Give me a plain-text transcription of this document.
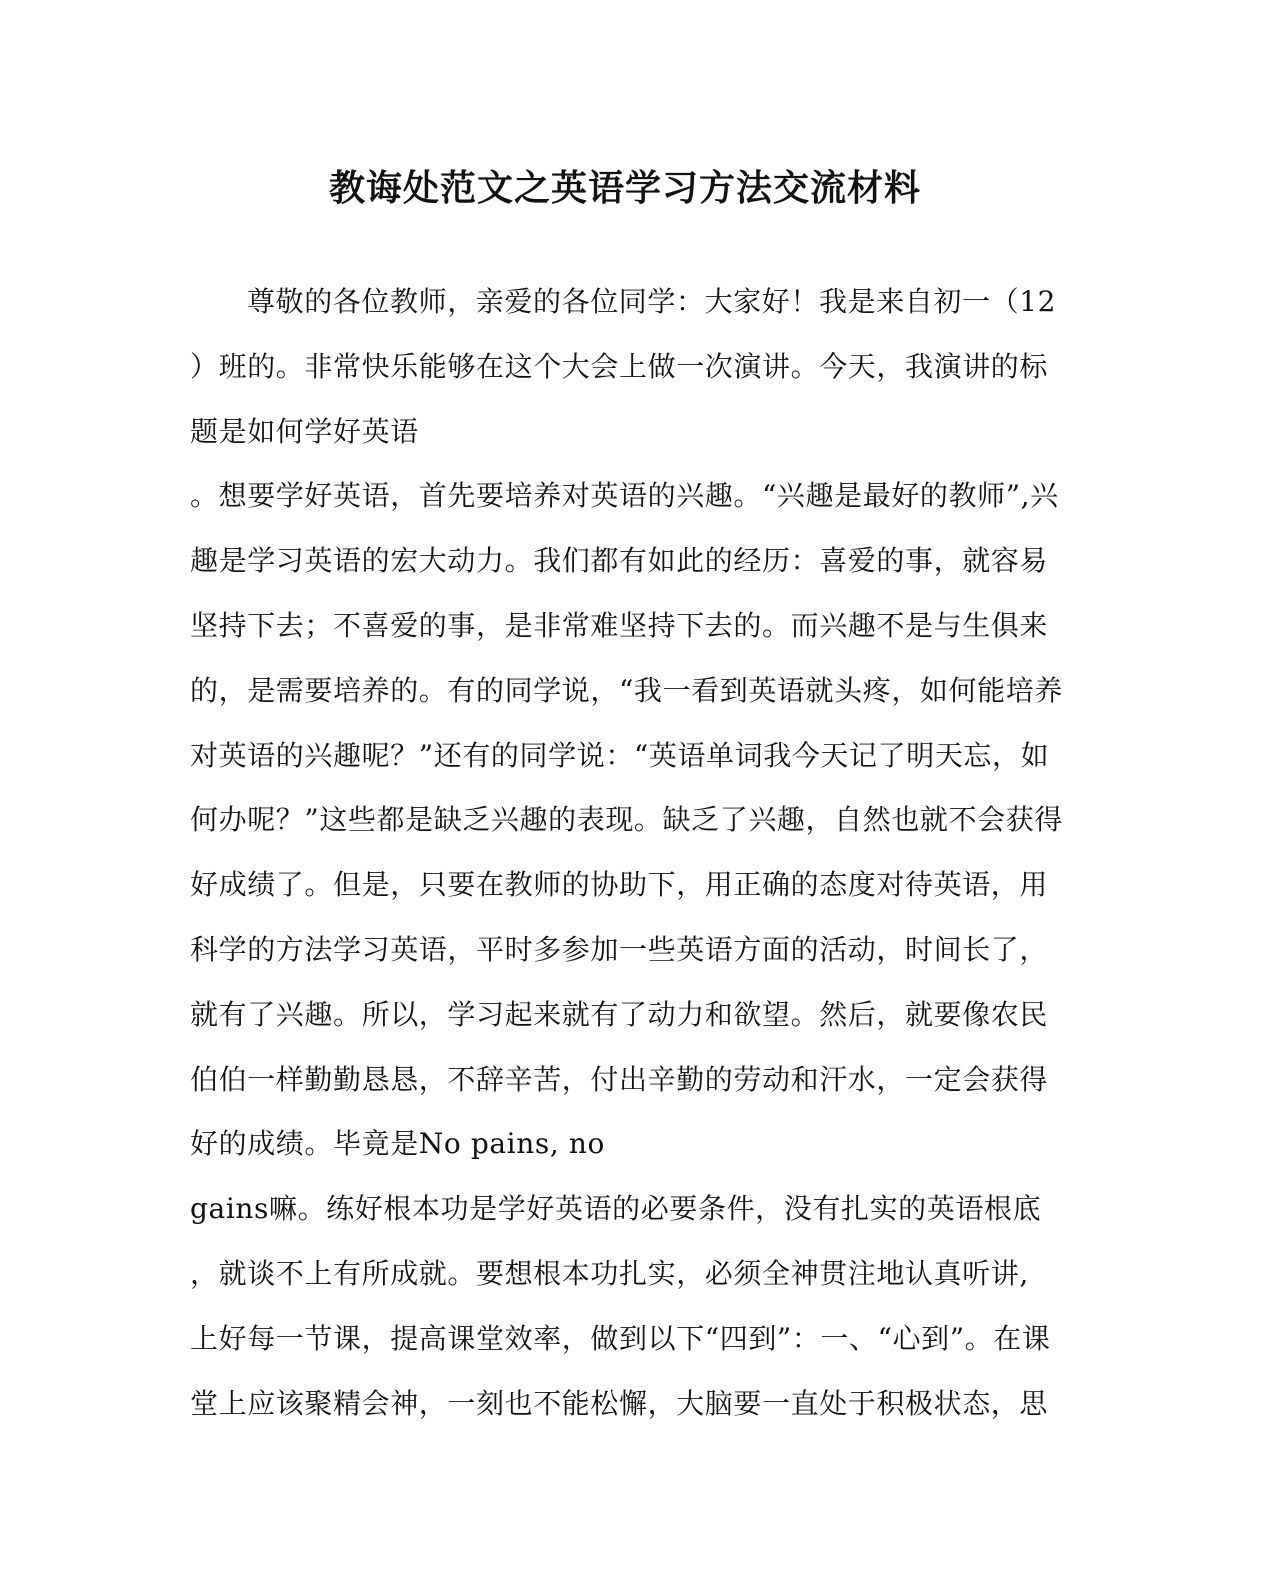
教诲处范文之英语学习方法交流材料
尊敬的各位教师，亲爱的各位同学：大家好！我是来自初一（12
）班的。非常快乐能够在这个大会上做一次演讲。今天，我演讲的标
题是如何学好英语
。想要学好英语，首先要培养对英语的兴趣。“兴趣是最好的教师”,兴
趣是学习英语的宏大动力。我们都有如此的经历：喜爱的事，就容易
坚持下去；不喜爱的事，是非常难坚持下去的。而兴趣不是与生俱来
的，是需要培养的。有的同学说，“我一看到英语就头疼，如何能培养
对英语的兴趣呢？”还有的同学说：“英语单词我今天记了明天忘，如
何办呢？”这些都是缺乏兴趣的表现。缺乏了兴趣，自然也就不会获得
好成绩了。但是，只要在教师的协助下，用正确的态度对待英语，用
科学的方法学习英语，平时多参加一些英语方面的活动，时间长了，
就有了兴趣。所以，学习起来就有了动力和欲望。然后，就要像农民
伯伯一样勤勤恳恳，不辞辛苦，付出辛勤的劳动和汗水，一定会获得
好的成绩。毕竟是No pains, no
gains嘛。练好根本功是学好英语的必要条件，没有扎实的英语根底
，就谈不上有所成就。要想根本功扎实，必须全神贯注地认真听讲,
上好每一节课，提高课堂效率，做到以下“四到”：一、“心到”。在课
堂上应该聚精会神，一刻也不能松懈，大脑要一直处于积极状态，思
